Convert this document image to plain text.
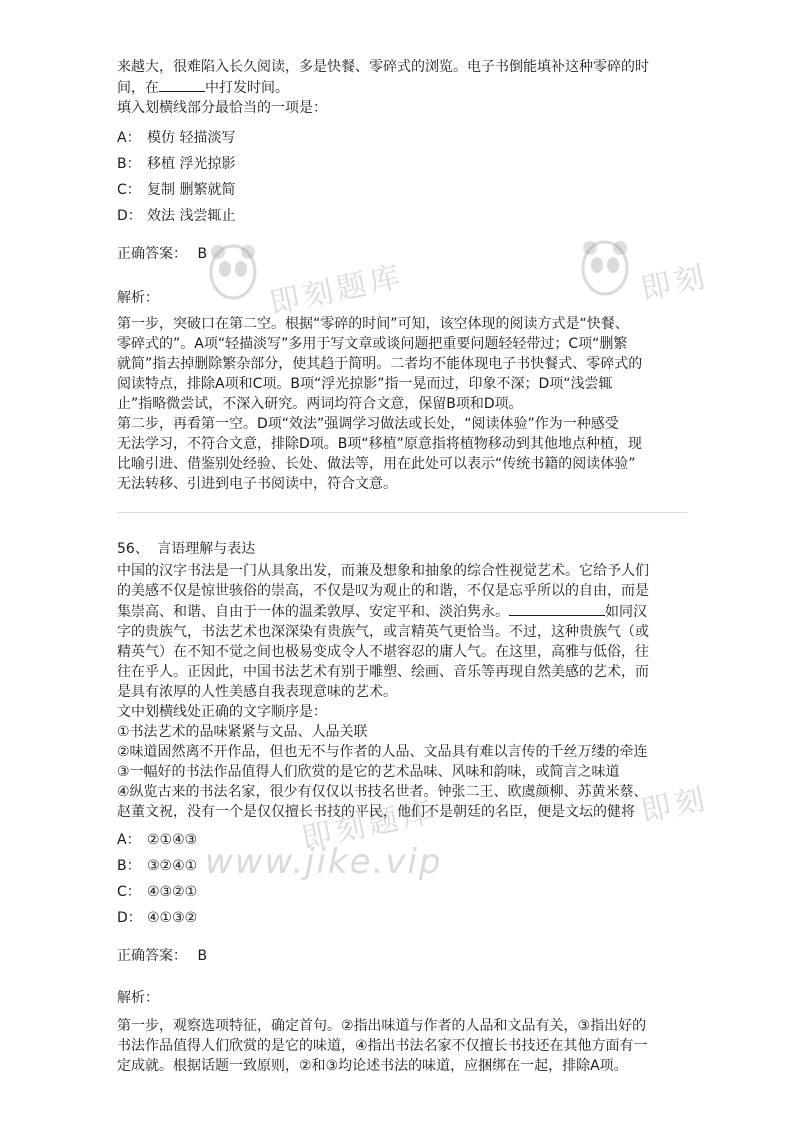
即刻题库	即刻
www.jike.vip
即刻题库	即刻
来越大，很难陷入长久阅读，多是快餐、零碎式的浏览。电子书倒能填补这种零碎的时
间，在	中打发时间。
填入划横线部分最恰当的一项是：
A： 模仿 轻描淡写
B： 移植 浮光掠影
C： 复制 删繁就简
D： 效法 浅尝辄止
正确答案： B
解析：
第一步，突破口在第二空。根据“零碎的时间”可知，该空体现的阅读方式是“快餐、
零碎式的”。A项“轻描淡写”多用于写文章或谈问题把重要问题轻轻带过；C项“删繁
就简”指去掉删除繁杂部分，使其趋于简明。二者均不能体现电子书快餐式、零碎式的
阅读特点，排除A项和C项。B项“浮光掠影”指一晃而过，印象不深；D项“浅尝辄
止”指略微尝试，不深入研究。两词均符合文意，保留B项和D项。
第二步，再看第一空。D项“效法”强调学习做法或长处，“阅读体验”作为一种感受
无法学习，不符合文意，排除D项。B项“移植”原意指将植物移动到其他地点种植，现
比喻引进、借鉴别处经验、长处、做法等，用在此处可以表示“传统书籍的阅读体验”
无法转移、引进到电子书阅读中，符合文意。
56、 言语理解与表达
中国的汉字书法是一门从具象出发，而兼及想象和抽象的综合性视觉艺术。它给予人们
的美感不仅是惊世骇俗的崇高，不仅是叹为观止的和谐，不仅是忘乎所以的自由，而是
集崇高、和谐、自由于一体的温柔敦厚、安定平和、淡泊隽永。	如同汉
字的贵族气，书法艺术也深深染有贵族气，或言精英气更恰当。不过，这种贵族气（或
精英气）在不知不觉之间也极易变成令人不堪容忍的庸人气。在这里，高雅与低俗，往
往在乎人。正因此，中国书法艺术有别于雕塑、绘画、音乐等再现自然美感的艺术，而
是具有浓厚的人性美感自我表现意味的艺术。
文中划横线处正确的文字顺序是：
①书法艺术的品味紧紧与文品、人品关联
②味道固然离不开作品，但也无不与作者的人品、文品具有难以言传的千丝万缕的牵连
③一幅好的书法作品值得人们欣赏的是它的艺术品味、风味和韵味，或简言之味道
④纵览古来的书法名家，很少有仅仅以书技名世者。钟张二王、欧虞颜柳、苏黄米蔡、
赵董文祝，没有一个是仅仅擅长书技的平民，他们不是朝廷的名臣，便是文坛的健将
A： ②①④③
B： ③②④①
C： ④③②①
D： ④①③②
正确答案： B
解析：
第一步，观察选项特征，确定首句。②指出味道与作者的人品和文品有关，③指出好的
书法作品值得人们欣赏的是它的味道，④指出书法名家不仅擅长书技还在其他方面有一
定成就。根据话题一致原则，②和③均论述书法的味道，应捆绑在一起，排除A项。
